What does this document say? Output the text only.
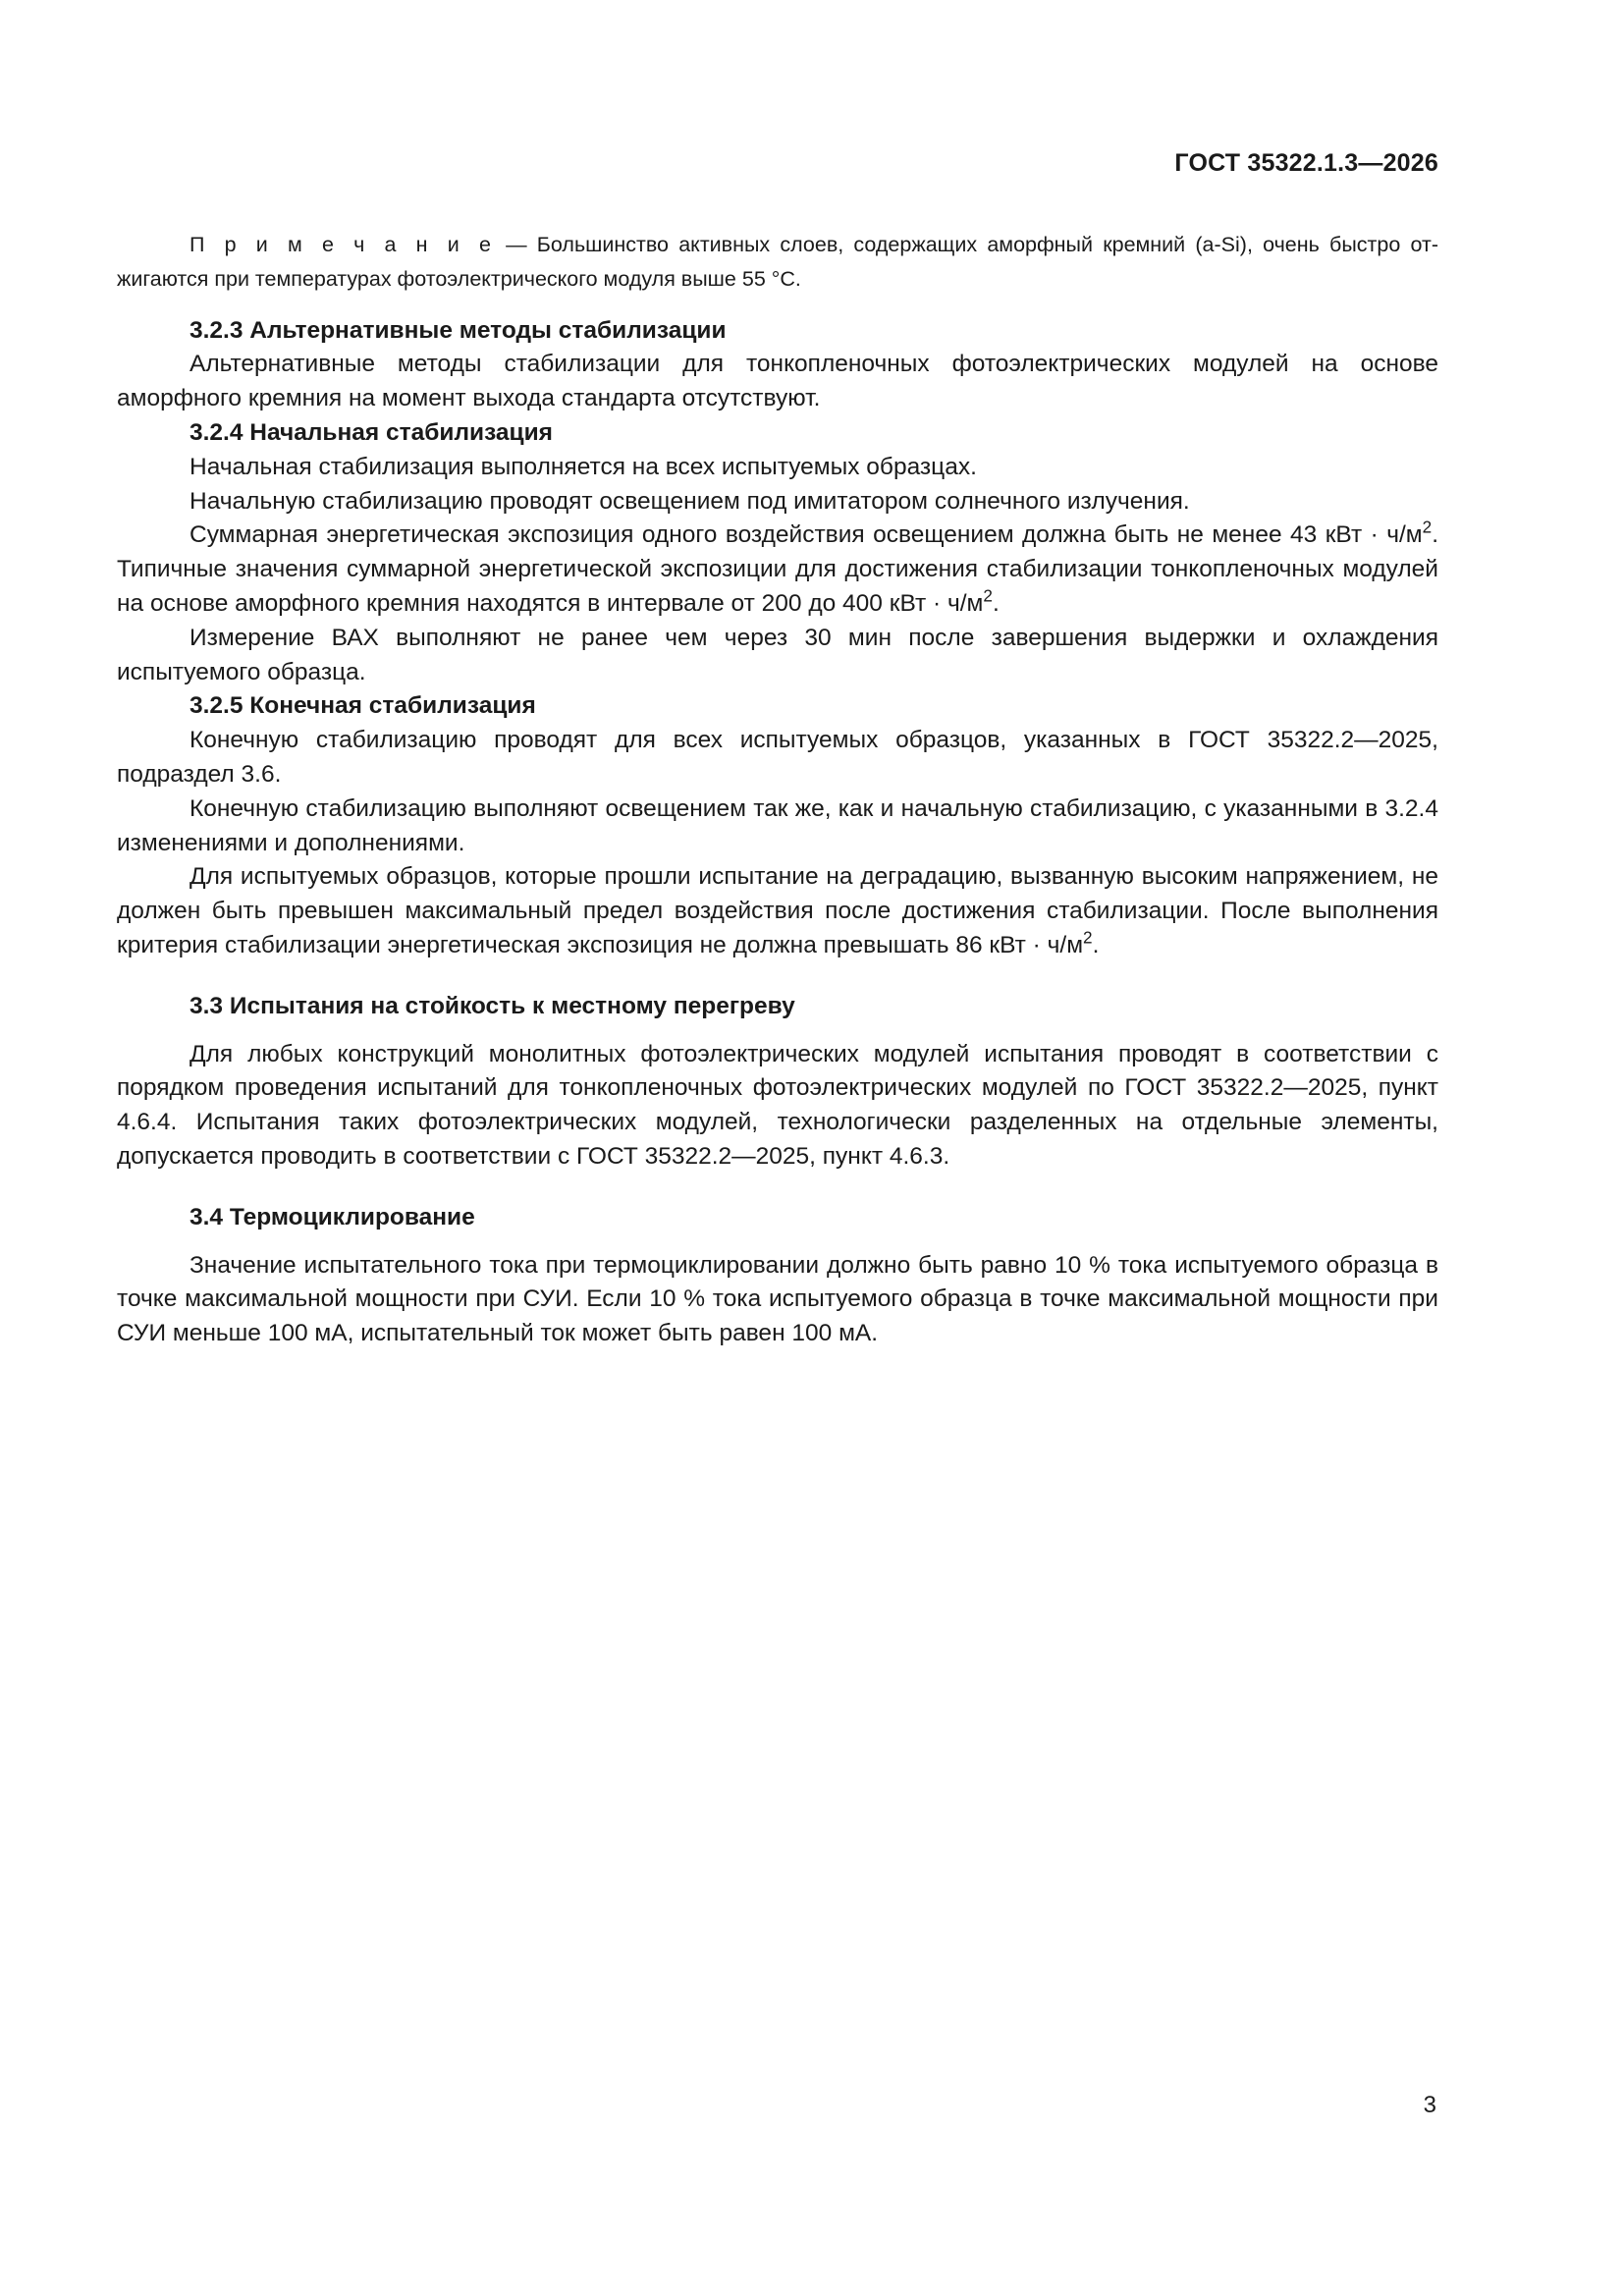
ГОСТ 35322.1.3—2026

П р и м е ч а н и е — Большинство активных слоев, содержащих аморфный кремний (a-Si), очень быстро отжигаются при температурах фотоэлектрического модуля выше 55 °С.

3.2.3 Альтернативные методы стабилизации

Альтернативные методы стабилизации для тонкопленочных фотоэлектрических модулей на основе аморфного кремния на момент выхода стандарта отсутствуют.

3.2.4 Начальная стабилизация

Начальная стабилизация выполняется на всех испытуемых образцах.

Начальную стабилизацию проводят освещением под имитатором солнечного излучения.

Суммарная энергетическая экспозиция одного воздействия освещением должна быть не менее 43 кВт · $ч/м^2$. Типичные значения суммарной энергетической экспозиции для достижения стабилизации тонкопленочных модулей на основе аморфного кремния находятся в интервале от 200 до 400 кВт · $ч/м^2$.

Измерение ВАХ выполняют не ранее чем через 30 мин после завершения выдержки и охлаждения испытуемого образца.

3.2.5 Конечная стабилизация

Конечную стабилизацию проводят для всех испытуемых образцов, указанных в ГОСТ 35322.2—2025, подраздел 3.6.

Конечную стабилизацию выполняют освещением так же, как и начальную стабилизацию, с указанными в 3.2.4 изменениями и дополнениями.

Для испытуемых образцов, которые прошли испытание на деградацию, вызванную высоким напряжением, не должен быть превышен максимальный предел воздействия после достижения стабилизации. После выполнения критерия стабилизации энергетическая экспозиция не должна превышать 86 кВт · $ч/м^2$.

3.3 Испытания на стойкость к местному перегреву

Для любых конструкций монолитных фотоэлектрических модулей испытания проводят в соответствии с порядком проведения испытаний для тонкопленочных фотоэлектрических модулей по ГОСТ 35322.2—2025, пункт 4.6.4. Испытания таких фотоэлектрических модулей, технологически разделенных на отдельные элементы, допускается проводить в соответствии с ГОСТ 35322.2—2025, пункт 4.6.3.

3.4 Термоциклирование

Значение испытательного тока при термоциклировании должно быть равно 10 % тока испытуемого образца в точке максимальной мощности при СУИ. Если 10 % тока испытуемого образца в точке максимальной мощности при СУИ меньше 100 мА, испытательный ток может быть равен 100 мА.

3
